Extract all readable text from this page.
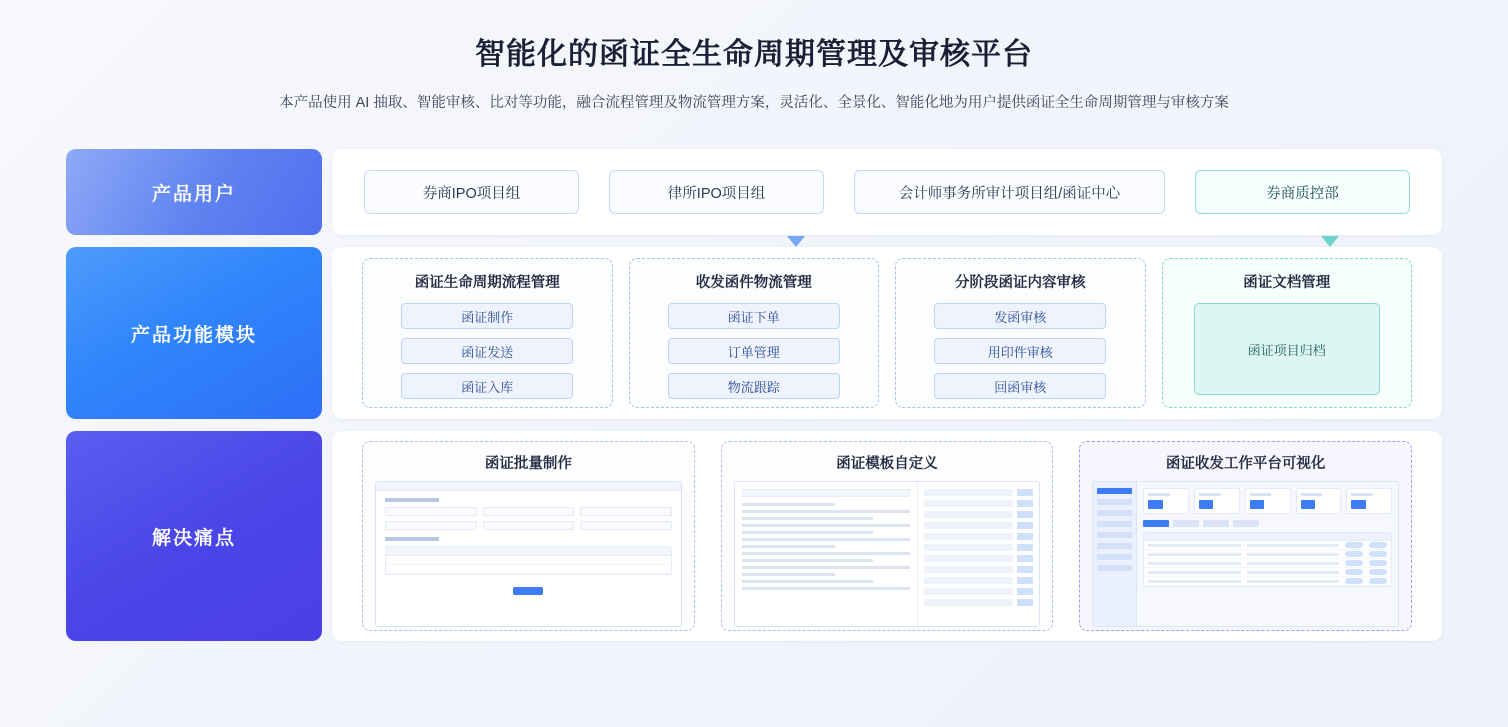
智能化的函证全生命周期管理及审核平台
本产品使用 AI 抽取、智能审核、比对等功能，融合流程管理及物流管理方案，灵活化、全景化、智能化地为用户提供函证全生命周期管理与审核方案
产品用户	券商IPO项目组	律所IPO项目组	会计师事务所审计项目组/函证中心	券商质控部
产品功能模块
函证生命周期流程管理
函证制作
函证发送
函证入库
收发函件物流管理
函证下单
订单管理
物流跟踪
分阶段函证内容审核
发函审核
用印件审核
回函审核
函证文档管理
函证项目归档
解决痛点
函证批量制作	函证模板自定义	函证收发工作平台可视化
